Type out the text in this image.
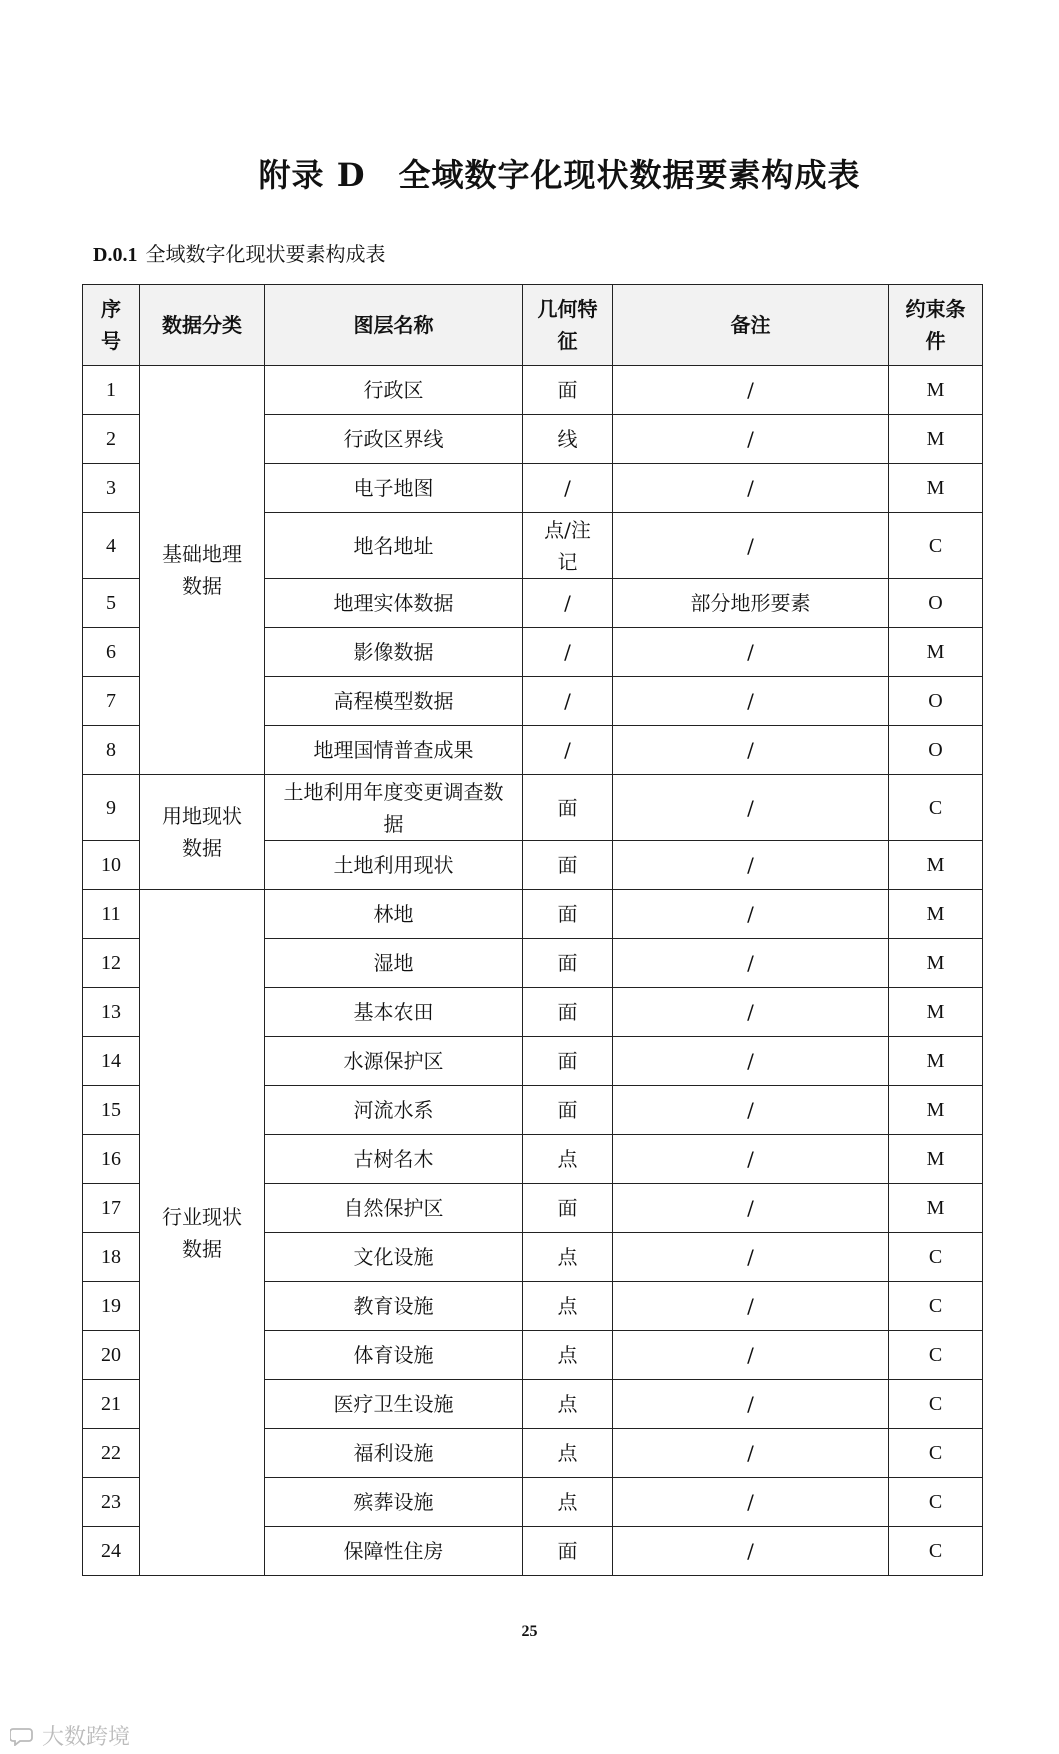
附录 D　全域数字化现状数据要素构成表
D.0.1 全域数字化现状要素构成表
序号	数据分类	图层名称	几何特征	备注	约束条件
1	基础地理数据	行政区	面	/	M
2		行政区界线	线	/	M
3		电子地图	/	/	M
4		地名地址	点/注记	/	C
5		地理实体数据	/	部分地形要素	O
6		影像数据	/	/	M
7		高程模型数据	/	/	O
8		地理国情普查成果	/	/	O
9	用地现状数据	土地利用年度变更调查数据	面	/	C
10		土地利用现状	面	/	M
11	行业现状数据	林地	面	/	M
12		湿地	面	/	M
13		基本农田	面	/	M
14		水源保护区	面	/	M
15		河流水系	面	/	M
16		古树名木	点	/	M
17		自然保护区	面	/	M
18		文化设施	点	/	C
19		教育设施	点	/	C
20		体育设施	点	/	C
21		医疗卫生设施	点	/	C
22		福利设施	点	/	C
23		殡葬设施	点	/	C
24		保障性住房	面	/	C
25
大数跨境
